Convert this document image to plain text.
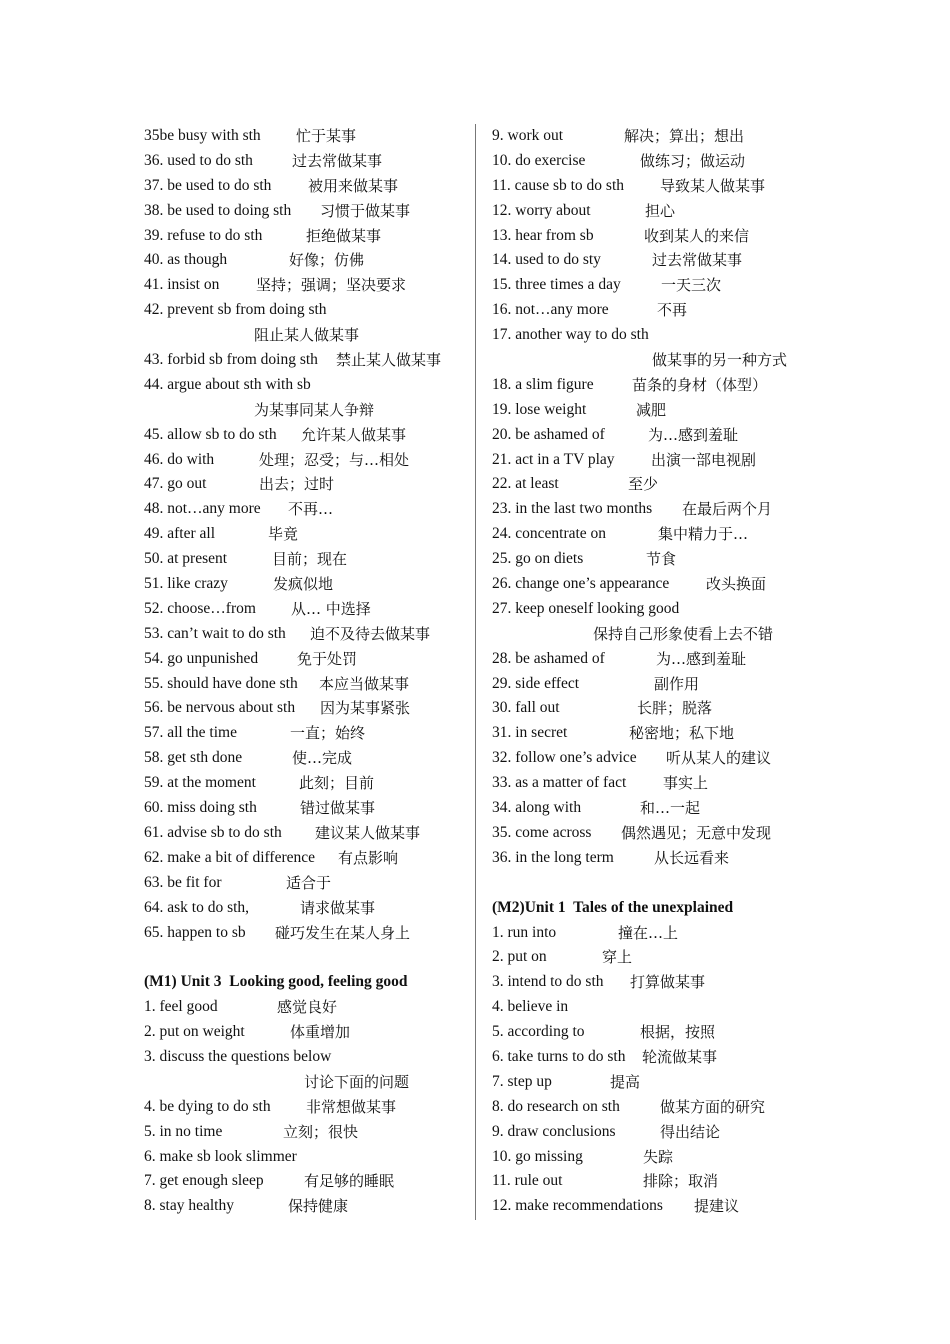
35be busy with sth 忙于某事
36. used to do sth	过去常做某事
37. be used to do sth 被用来做某事
38. be used to doing sth 习惯于做某事
39. refuse to do sth	拒绝做某事
40. as though	好像；仿佛
41. insist on 坚持；强调；坚决要求
42. prevent sb from doing sth
阻止某人做某事
43. forbid sb from doing sth 禁止某人做某事
44. argue about sth with sb
为某事同某人争辩
45. allow sb to do sth 允许某人做某事
46. do with	处理；忍受；与…相处
47. go out	出去；过时
48. not…any more 不再…
49. after all	毕竟
50. at present	目前；现在
51. like crazy	发疯似地
52. choose…from 从… 中选择
53. can’t wait to do sth 迫不及待去做某事
54. go unpunished	免于处罚
55. should have done sth 本应当做某事
56. be nervous about sth 因为某事紧张
57. all the time	一直；始终
58. get sth done	使…完成
59. at the moment	此刻；目前
60. miss doing sth	错过做某事
61. advise sb to do sth 建议某人做某事
62. make a bit of difference 有点影响
63. be fit for	适合于
64. ask to do sth,	请求做某事
65. happen to sb 碰巧发生在某人身上
(M1) Unit 3  Looking good, feeling good
1. feel good	感觉良好
2. put on weight	体重增加
3. discuss the questions below
讨论下面的问题
4. be dying to do sth 非常想做某事
5. in no time	立刻；很快
6. make sb look slimmer
7. get enough sleep	有足够的睡眠
8. stay healthy	保持健康
9. work out	解决；算出；想出
10. do exercise	做练习；做运动
11. cause sb to do sth 导致某人做某事
12. worry about	担心
13. hear from sb	收到某人的来信
14. used to do sty	过去常做某事
15. three times a day	一天三次
16. not…any more	不再
17. another way to do sth
做某事的另一种方式
18. a slim figure	苗条的身材（体型）
19. lose weight	减肥
20. be ashamed of	为…感到羞耻
21. act in a TV play 出演一部电视剧
22. at least	至少
23. in the last two months 在最后两个月
24. concentrate on	集中精力于…
25. go on diets	节食
26. change one’s appearance 改头换面
27. keep oneself looking good
保持自己形象使看上去不错
28. be ashamed of	为…感到羞耻
29. side effect	副作用
30. fall out	长胖；脱落
31. in secret	秘密地；私下地
32. follow one’s advice 听从某人的建议
33. as a matter of fact 事实上
34. along with	和…一起
35. come across 偶然遇见；无意中发现
36. in the long term	从长远看来
(M2)Unit 1  Tales of the unexplained
1. run into	撞在…上
2. put on	穿上
3. intend to do sth 打算做某事
4. believe in
5. according to	根据，按照
6. take turns to do sth 轮流做某事
7. step up	提高
8. do research on sth	做某方面的研究
9. draw conclusions	得出结论
10. go missing	失踪
11. rule out	排除；取消
12. make recommendations 提建议
